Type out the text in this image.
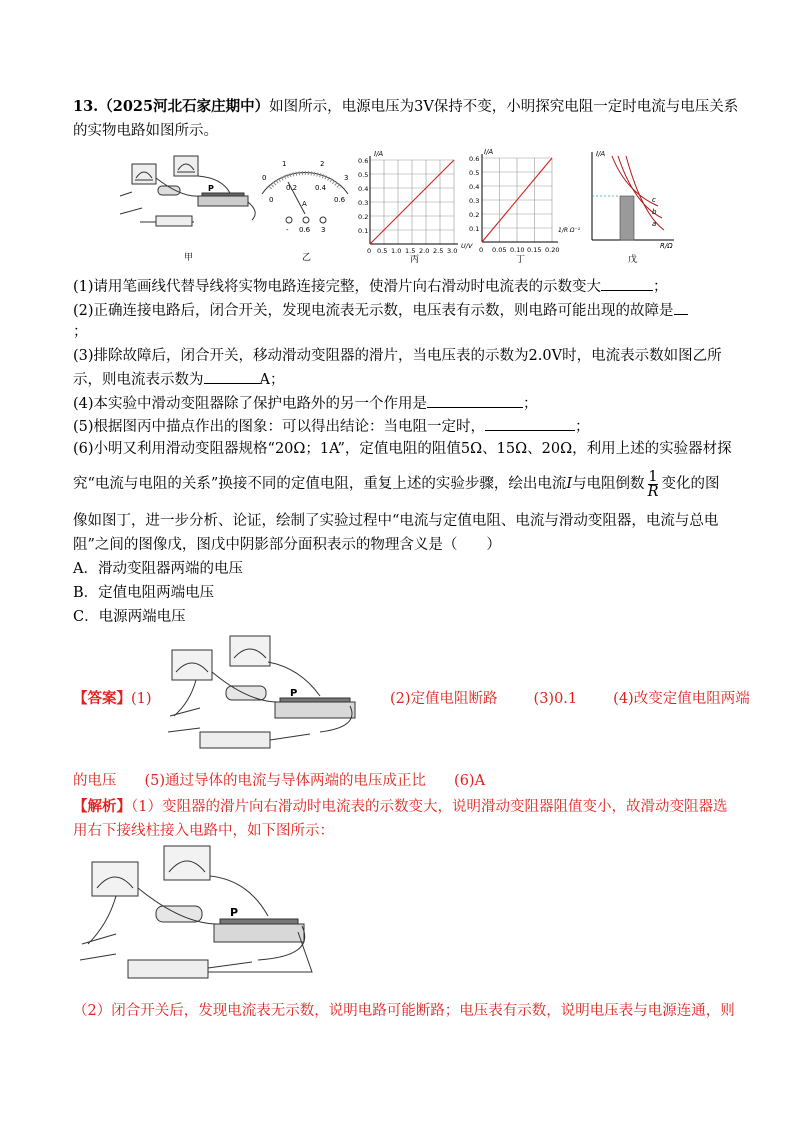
13.（2025河北石家庄期中）如图所示，电源电压为3V保持不变，小明探究电阻一定时电流与电压关系
的实物电路如图所示。
P
甲
0
1	2
3
0
0.2	0.4
0.6
A
- 0.6 3
乙
I/A
0.6
0.5
0.4
0.3
0.2
0.1
0 0.5 1.0 1.5 2.0 2.5 3.0
U/V
丙
I/A
0.6
0.5
0.4
0.3
0.2
0.1
0 0.05 0.10 0.15 0.20
1/R Ω⁻¹
丁
I/A
c
b
a
R/Ω
戊
(1)请用笔画线代替导线将实物电路连接完整，使滑片向右滑动时电流表的示数变大	；
(2)正确连接电路后，闭合开关，发现电流表无示数，电压表有示数，则电路可能出现的故障是
；
(3)排除故障后，闭合开关，移动滑动变阻器的滑片，当电压表的示数为2.0V时，电流表示数如图乙所
示，则电流表示数为	A；
(4)本实验中滑动变阻器除了保护电路外的另一个作用是	；
(5)根据图丙中描点作出的图象：可以得出结论：当电阻一定时，	；
(6)小明又利用滑动变阻器规格“20Ω；1A”，定值电阻的阻值5Ω、15Ω、20Ω，利用上述的实验器材探
究“电流与电阻的关系”换接不同的定值电阻，重复上述的实验步骤，绘出电流I与电阻倒数 $\frac{1}{R}$ 变化的图
像如图丁，进一步分析、论证，绘制了实验过程中“电流与定值电阻、电流与滑动变阻器，电流与总电
阻”之间的图像戊，图戊中阴影部分面积表示的物理含义是（　　）
A．滑动变阻器两端的电压
B．定值电阻两端电压
C．电源两端电压
P
【答案】(1)	(2)定值电阻断路 (3)0.1 (4)改变定值电阻两端
的电压 (5)通过导体的电流与导体两端的电压成正比 (6)A
【解析】（1）变阻器的滑片向右滑动时电流表的示数变大，说明滑动变阻器阻值变小，故滑动变阻器选
用右下接线柱接入电路中，如下图所示：
P
（2）闭合开关后，发现电流表无示数，说明电路可能断路；电压表有示数，说明电压表与电源连通，则
